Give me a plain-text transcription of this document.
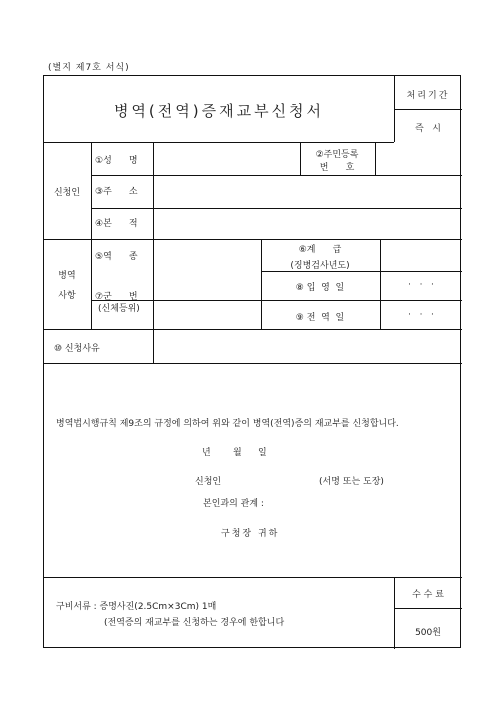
(별지 제7호 서식)
병역(전역)증재교부신청서
처리기간
즉   시
신청인
①성      명
②주민등록
번      호
③주      소
④본      적
병역
사항
⑤역      종
⑥계      급
(징병검사년도)
⑦군      번
(신체등위)
⑧ 입  영  일	·   ·   ·
⑨ 전  역  일	·   ·   ·
⑩ 신청사유
병역법시행규칙 제9조의 규정에 의하여 위와 같이 병역(전역)증의 재교부를 신청합니다.
년 월 일
신청인	(서명 또는 도장)
본인과의 관계 :
구청장 귀하
구비서류 : 증명사진(2.5Cm×3Cm) 1매
(전역증의 재교부를 신청하는 경우에 한합니다
수 수 료
500원
